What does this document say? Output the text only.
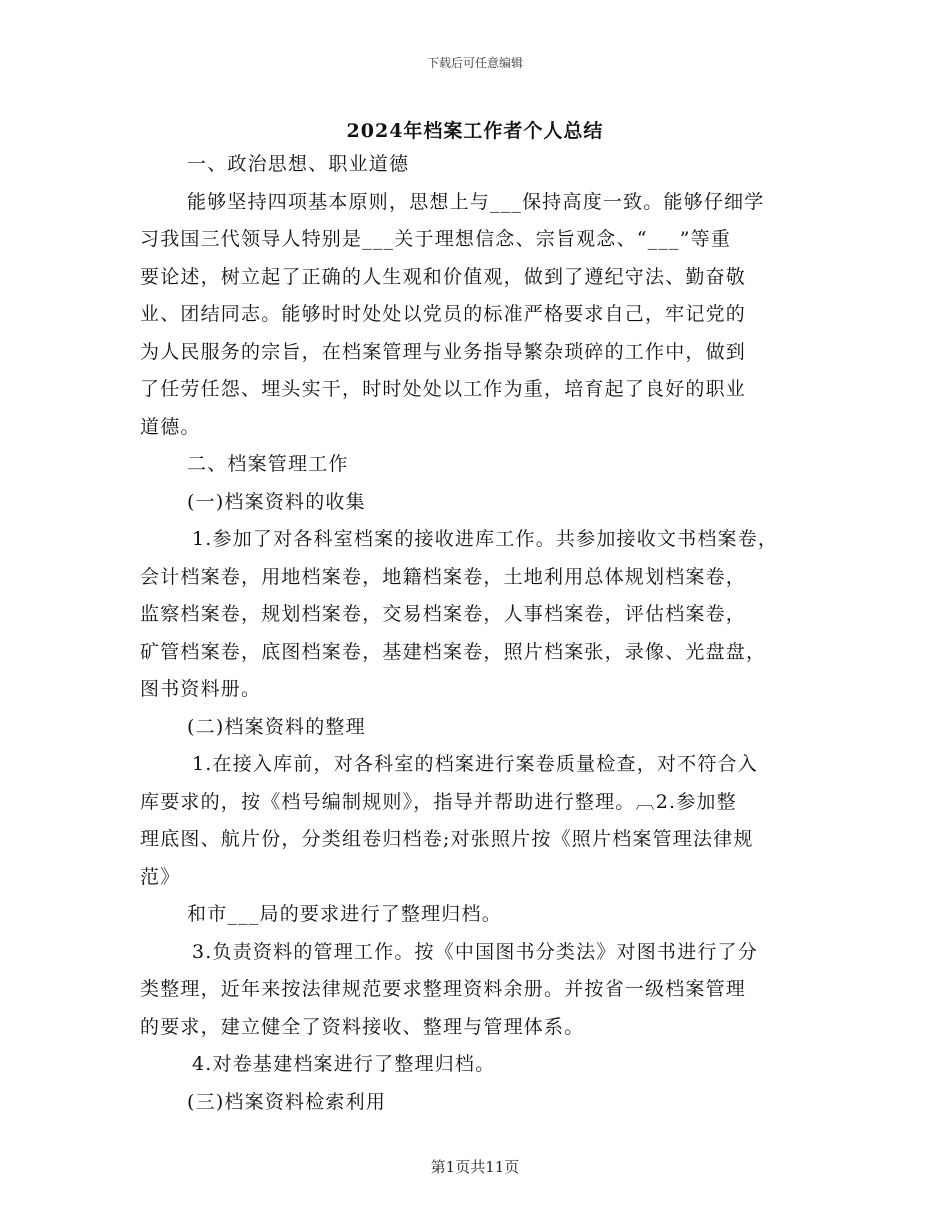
下载后可任意编辑
2024年档案工作者个人总结
一、政治思想、职业道德
能够坚持四项基本原则，思想上与___保持高度一致。能够仔细学
习我国三代领导人特别是___关于理想信念、宗旨观念、“___”等重
要论述，树立起了正确的人生观和价值观，做到了遵纪守法、勤奋敬
业、团结同志。能够时时处处以党员的标准严格要求自己，牢记党的
为人民服务的宗旨，在档案管理与业务指导繁杂琐碎的工作中，做到
了任劳任怨、埋头实干，时时处处以工作为重，培育起了良好的职业
道德。
二、档案管理工作
(一)档案资料的收集
1.参加了对各科室档案的接收进库工作。共参加接收文书档案卷，
会计档案卷，用地档案卷，地籍档案卷，土地利用总体规划档案卷，
监察档案卷，规划档案卷，交易档案卷，人事档案卷，评估档案卷，
矿管档案卷，底图档案卷，基建档案卷，照片档案张，录像、光盘盘，
图书资料册。
(二)档案资料的整理
1.在接入库前，对各科室的档案进行案卷质量检查，对不符合入
库要求的，按《档号编制规则》，指导并帮助进行整理。︹2.参加整
理底图、航片份，分类组卷归档卷;对张照片按《照片档案管理法律规
范》
和市___局的要求进行了整理归档。
3.负责资料的管理工作。按《中国图书分类法》对图书进行了分
类整理，近年来按法律规范要求整理资料余册。并按省一级档案管理
的要求，建立健全了资料接收、整理与管理体系。
4.对卷基建档案进行了整理归档。
(三)档案资料检索利用
第1页共11页
